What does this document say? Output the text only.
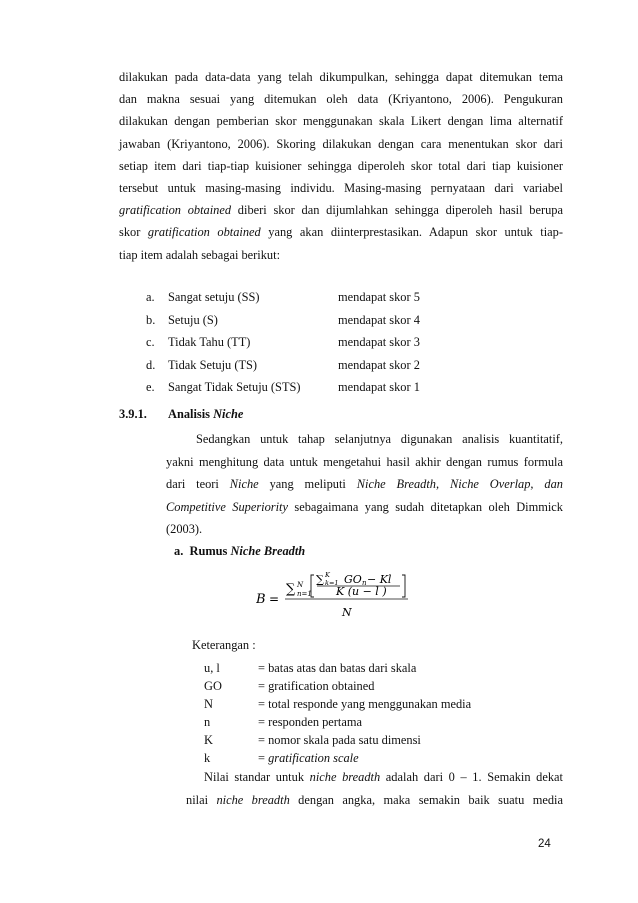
dilakukan pada data-data yang telah dikumpulkan, sehingga dapat ditemukan tema
dan makna sesuai yang ditemukan oleh data (Kriyantono, 2006). Pengukuran
dilakukan dengan pemberian skor menggunakan skala Likert dengan lima alternatif
jawaban (Kriyantono, 2006). Skoring dilakukan dengan cara menentukan skor dari
setiap item dari tiap-tiap kuisioner sehingga diperoleh skor total dari tiap kuisioner
tersebut untuk masing-masing individu. Masing-masing pernyataan dari variabel
gratification obtained diberi skor dan dijumlahkan sehingga diperoleh hasil berupa
skor gratification obtained yang akan diinterprestasikan. Adapun skor untuk tiap-
tiap item adalah sebagai berikut:
a.	Sangat setuju (SS)	mendapat skor 5
b.	Setuju (S)	mendapat skor 4
c.	Tidak Tahu (TT)	mendapat skor 3
d.	Tidak Setuju (TS)	mendapat skor 2
e.	Sangat Tidak Setuju (STS)	mendapat skor 1
3.9.1. Analisis Niche
Sedangkan untuk tahap selanjutnya digunakan analisis kuantitatif,
yakni menghitung data untuk mengetahui hasil akhir dengan rumus formula
dari teori Niche yang meliputi Niche Breadth, Niche Overlap, dan
Competitive Superiority sebagaimana yang sudah ditetapkan oleh Dimmick
(2003).
a. Rumus Niche Breadth
B =
∑ N
n=1
∑ K
k=1 GO n − Kl
K (u − l )
N
Keterangan :
u, l	= batas atas dan batas dari skala
GO	= gratification obtained
N	= total responde yang menggunakan media
n	= responden pertama
K	= nomor skala pada satu dimensi
k	= gratification scale
Nilai standar untuk niche breadth adalah dari 0 – 1. Semakin dekat
nilai niche breadth dengan angka, maka semakin baik suatu media
24
